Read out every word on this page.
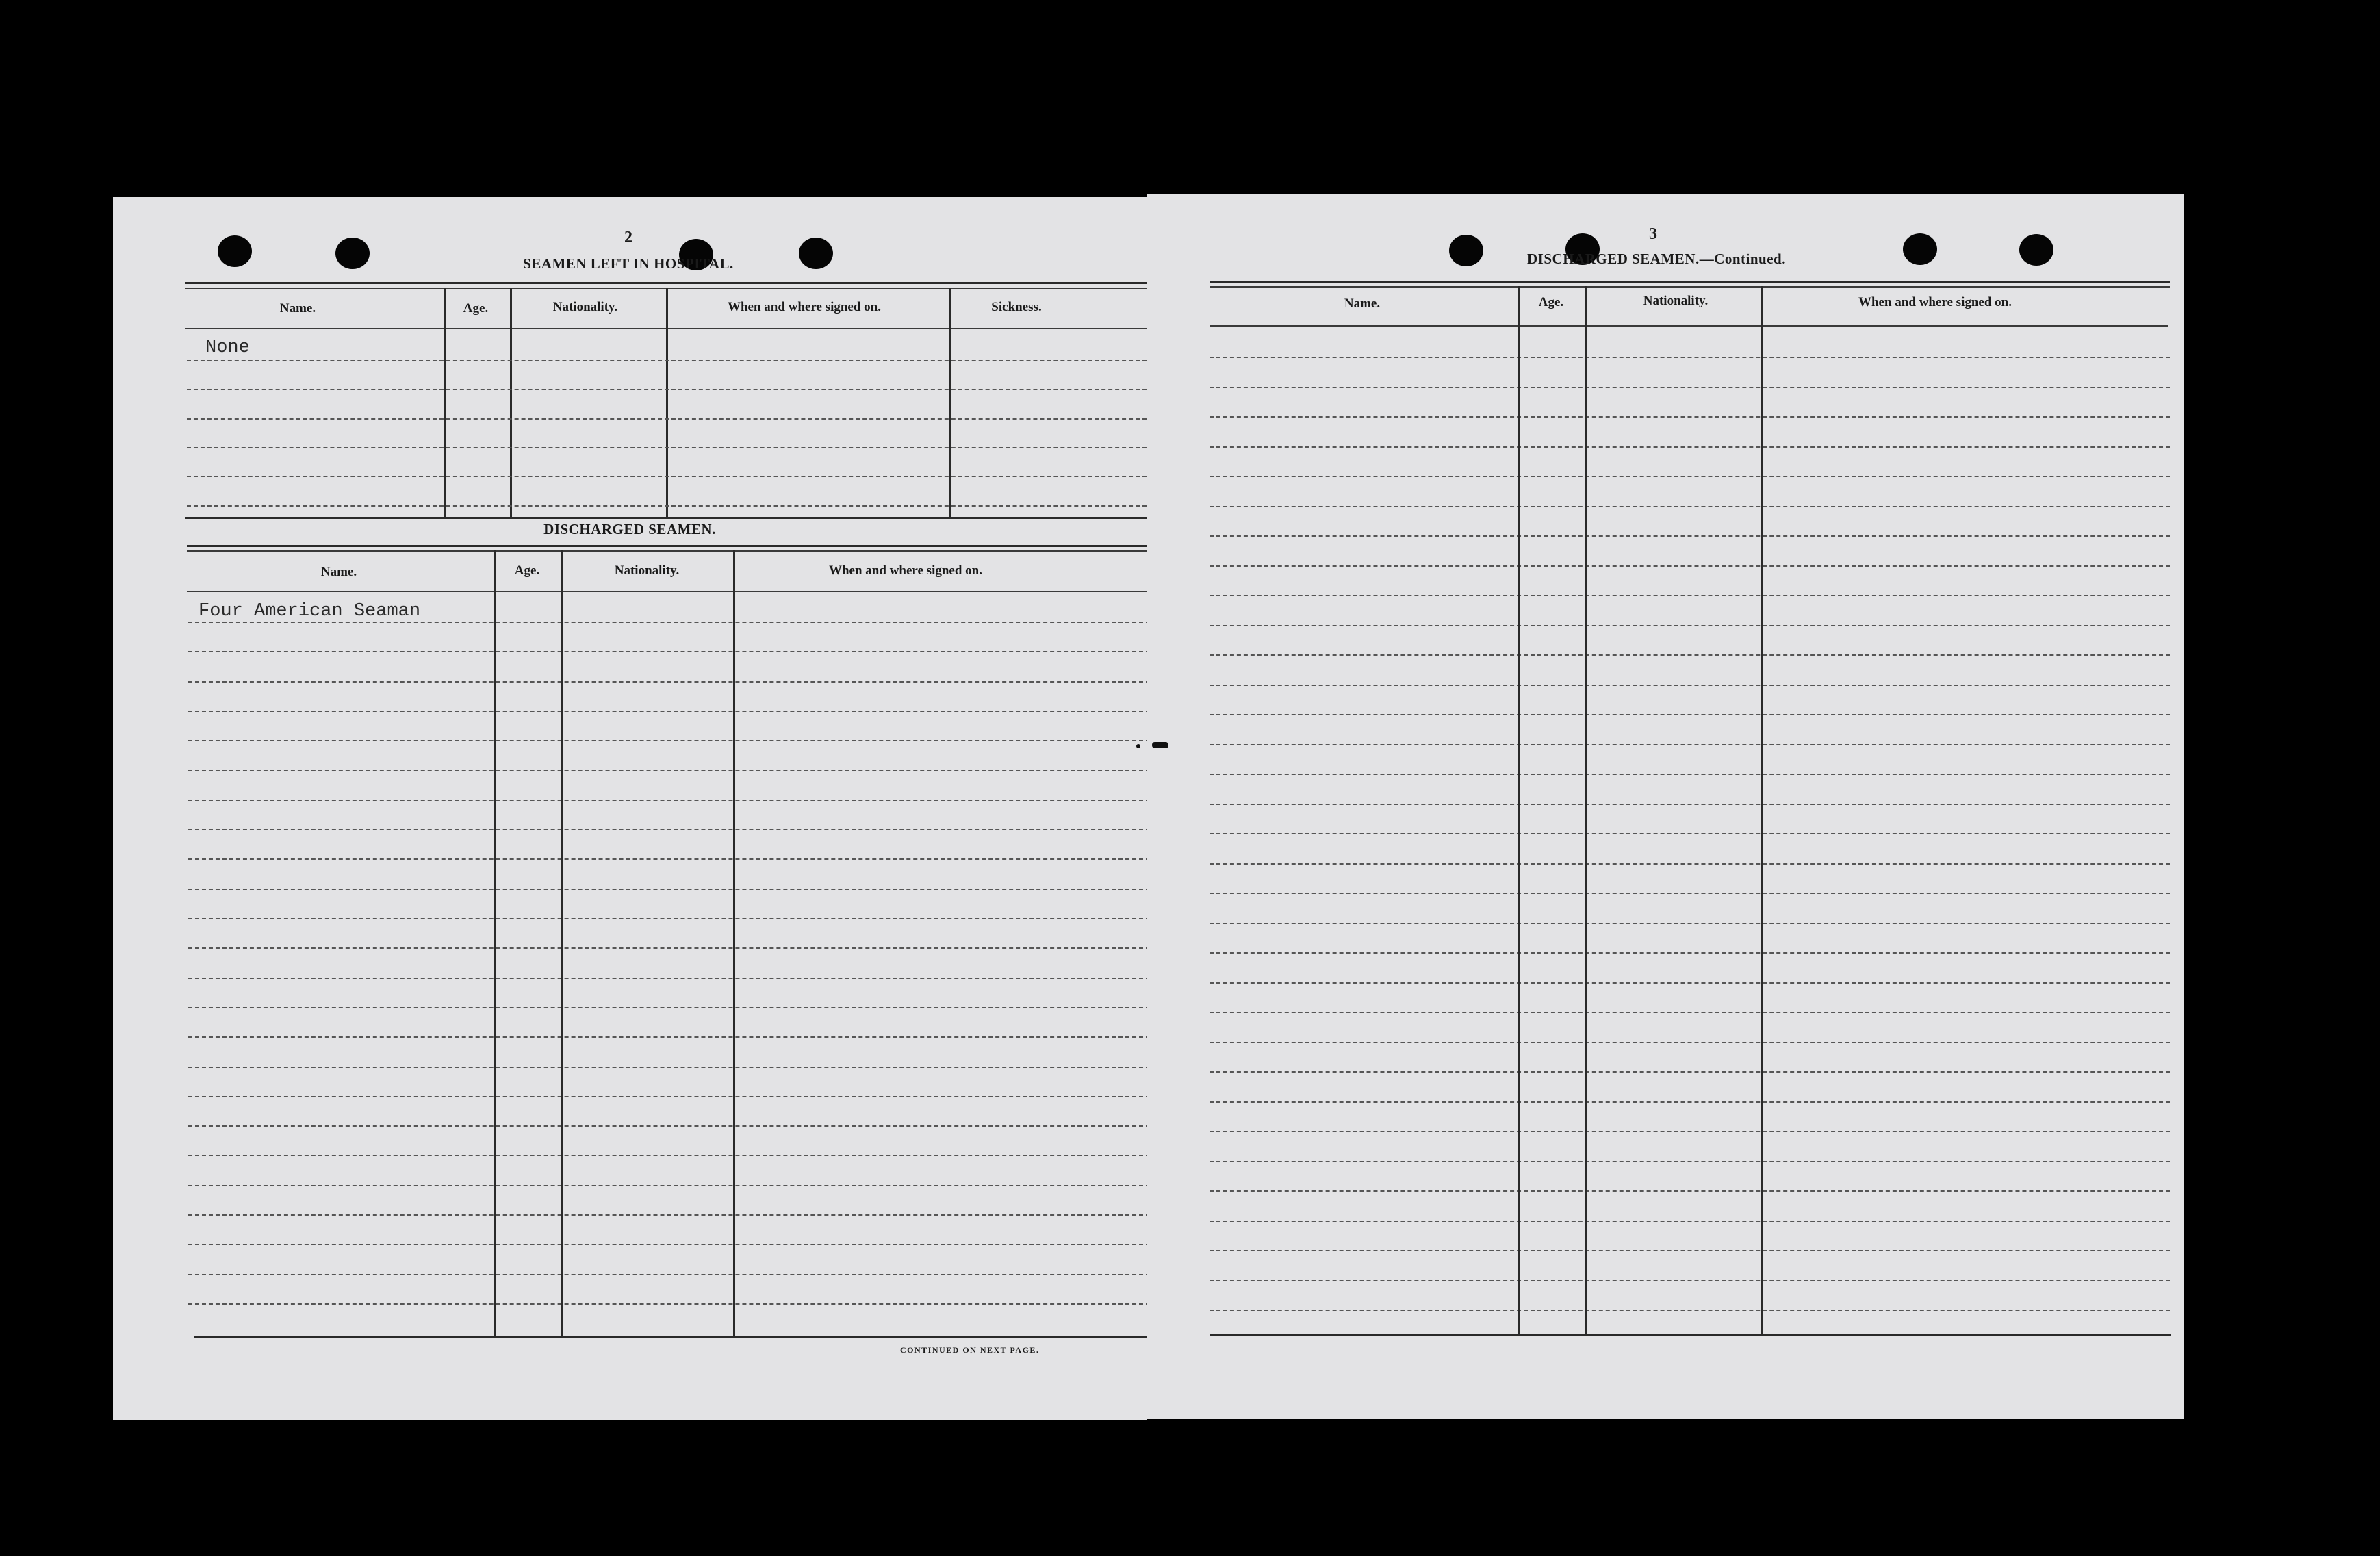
2
SEAMEN LEFT IN HOSPITAL.
Name.	Age.	Nationality.	When and where signed on.	Sickness.
None
DISCHARGED SEAMEN.
Name.	Age.	Nationality.	When and where signed on.
Four American Seaman
CONTINUED ON NEXT PAGE.
3
DISCHARGED SEAMEN.—Continued.
Name.	Age.	Nationality.	When and where signed on.
